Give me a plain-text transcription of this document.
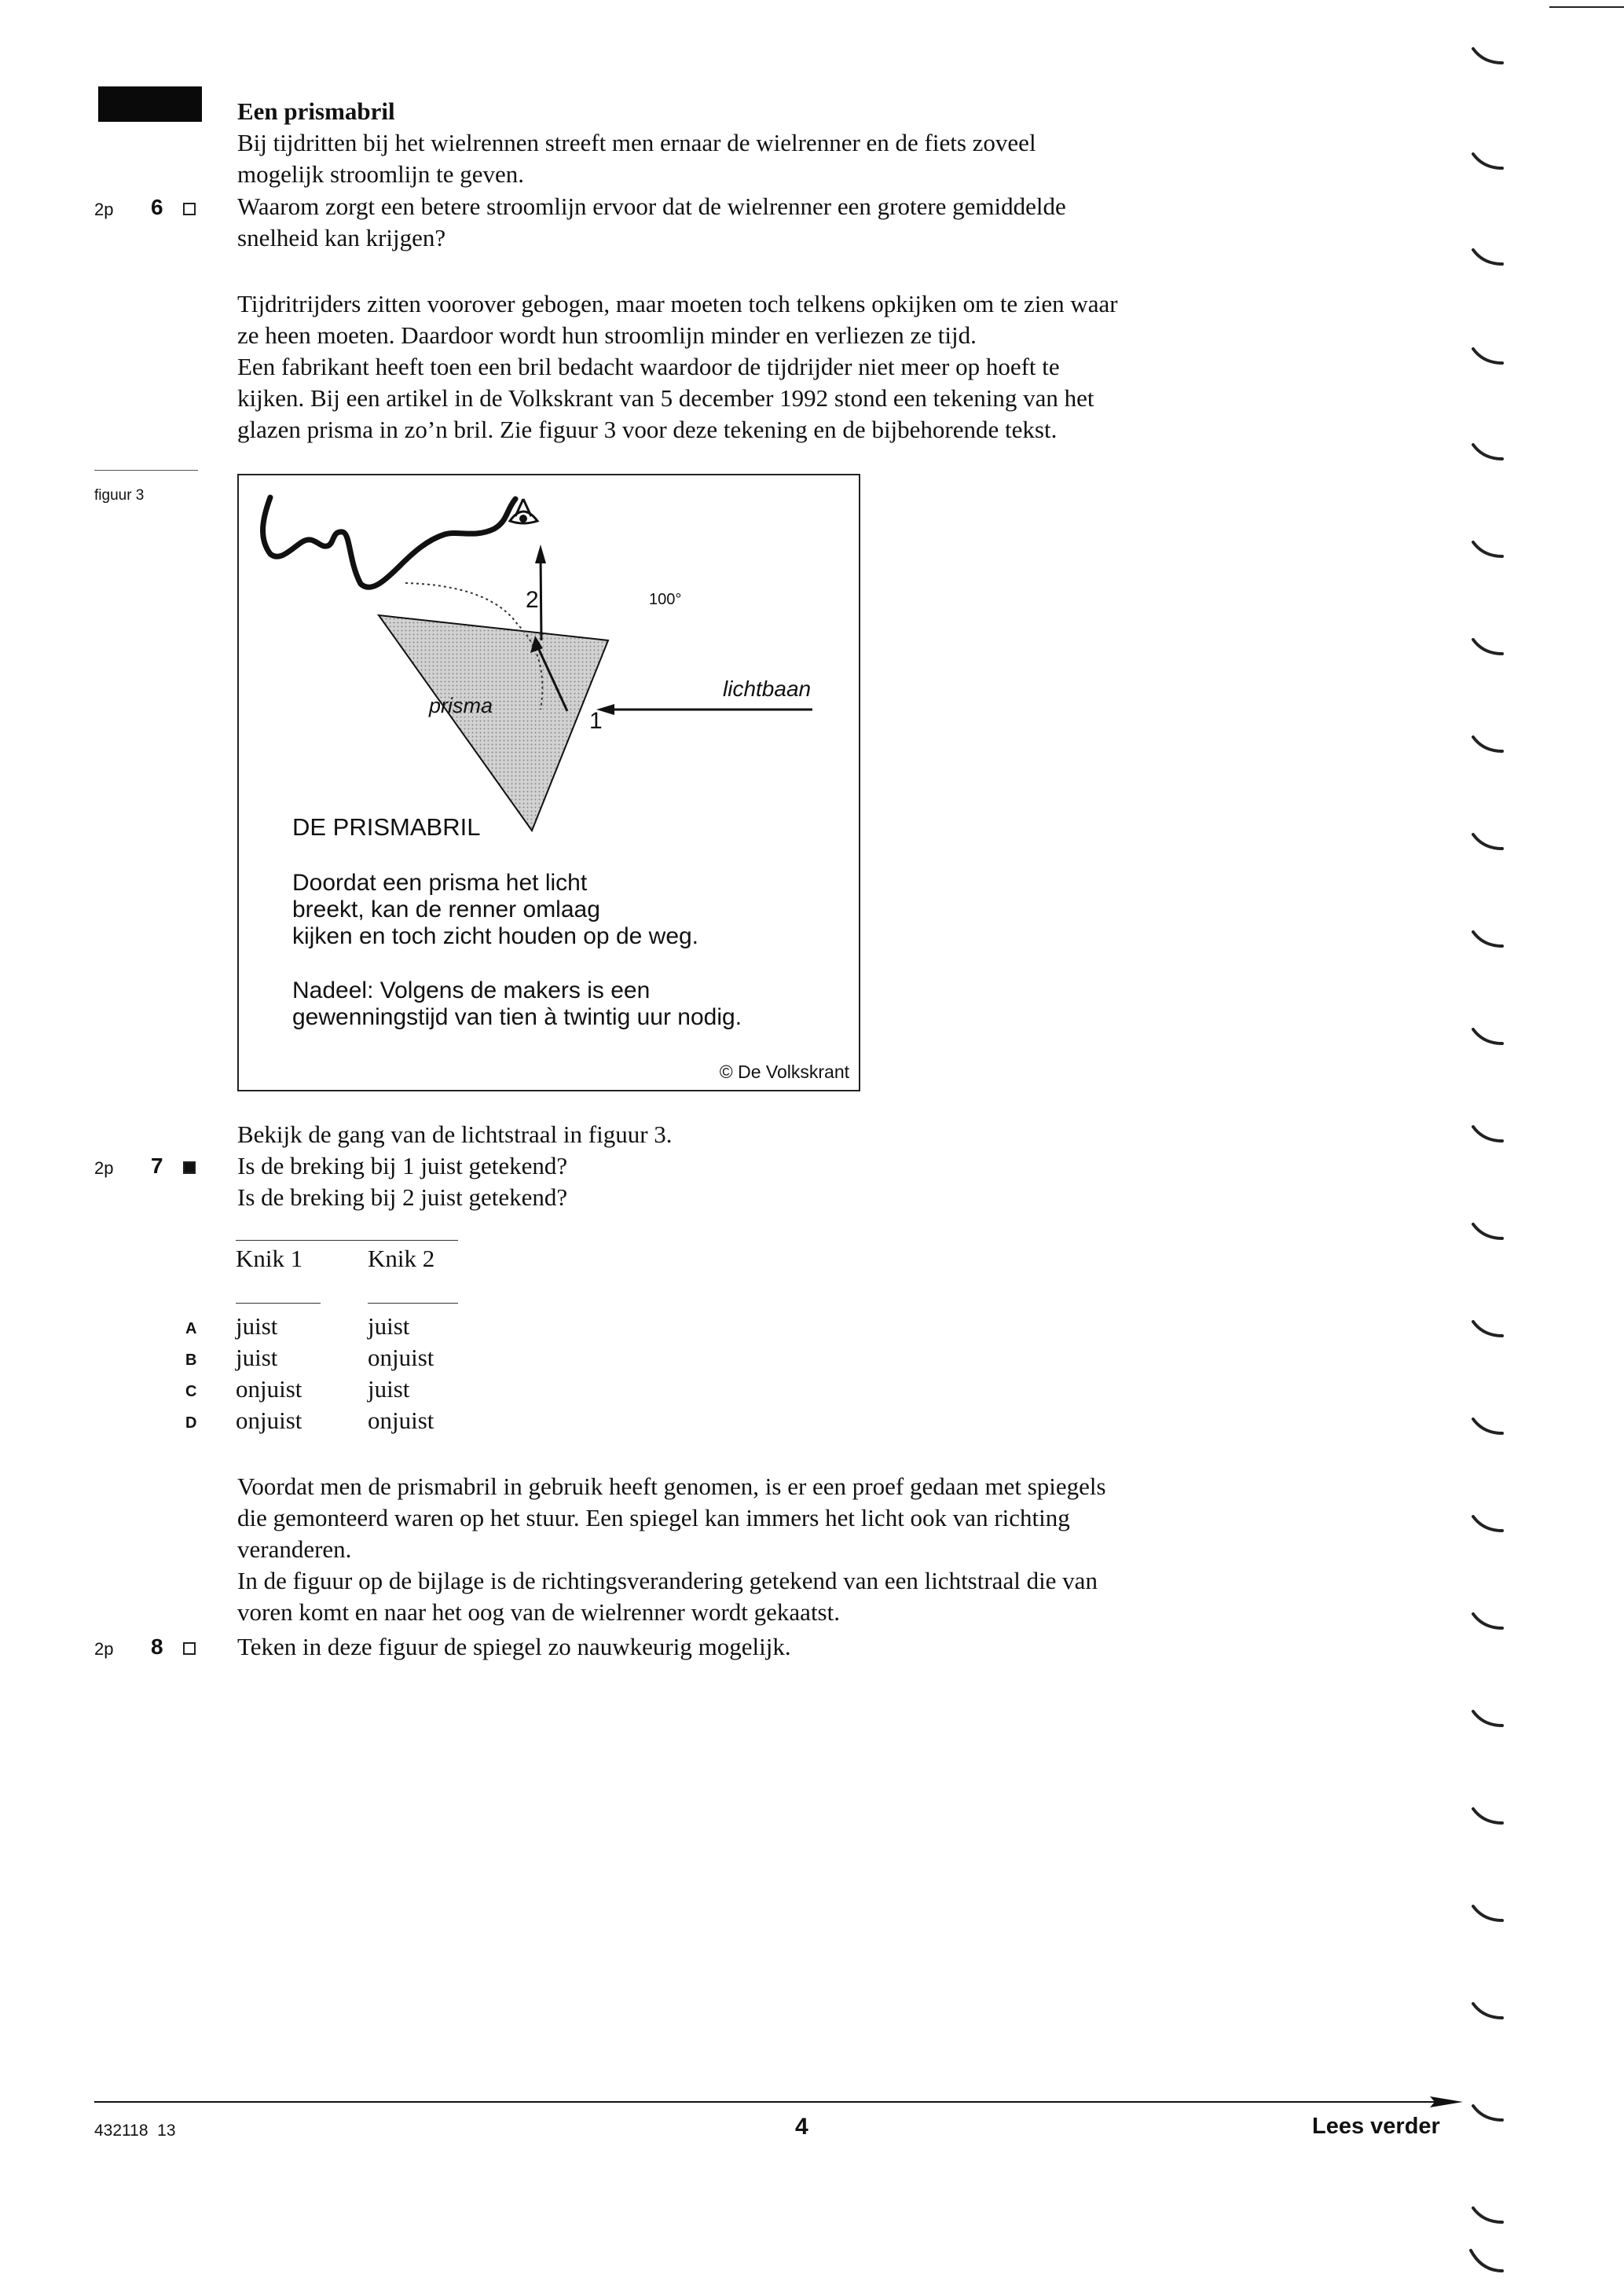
Een prismabril
Bij tijdritten bij het wielrennen streeft men ernaar de wielrenner en de fiets zoveel
mogelijk stroomlijn te geven.
2p 6	Waarom zorgt een betere stroomlijn ervoor dat de wielrenner een grotere gemiddelde
snelheid kan krijgen?
Tijdritrijders zitten voorover gebogen, maar moeten toch telkens opkijken om te zien waar
ze heen moeten. Daardoor wordt hun stroomlijn minder en verliezen ze tijd.
Een fabrikant heeft toen een bril bedacht waardoor de tijdrijder niet meer op hoeft te
kijken. Bij een artikel in de Volkskrant van 5 december 1992 stond een tekening van het
glazen prisma in zo’n bril. Zie figuur 3 voor deze tekening en de bijbehorende tekst.
figuur 3
2	100°
lichtbaan
prisma
1
DE PRISMABRIL
Doordat een prisma het licht
breekt, kan de renner omlaag
kijken en toch zicht houden op de weg.
Nadeel: Volgens de makers is een
gewenningstijd van tien à twintig uur nodig.
© De Volkskrant
Bekijk de gang van de lichtstraal in figuur 3.
2p 7	Is de breking bij 1 juist getekend?
Is de breking bij 2 juist getekend?
Knik 1	Knik 2
A juist	juist
B juist	onjuist
C onjuist	juist
D onjuist	onjuist
Voordat men de prismabril in gebruik heeft genomen, is er een proef gedaan met spiegels
die gemonteerd waren op het stuur. Een spiegel kan immers het licht ook van richting
veranderen.
In de figuur op de bijlage is de richtingsverandering getekend van een lichtstraal die van
voren komt en naar het oog van de wielrenner wordt gekaatst.
2p 8	Teken in deze figuur de spiegel zo nauwkeurig mogelijk.
432118  13	4	Lees verder
